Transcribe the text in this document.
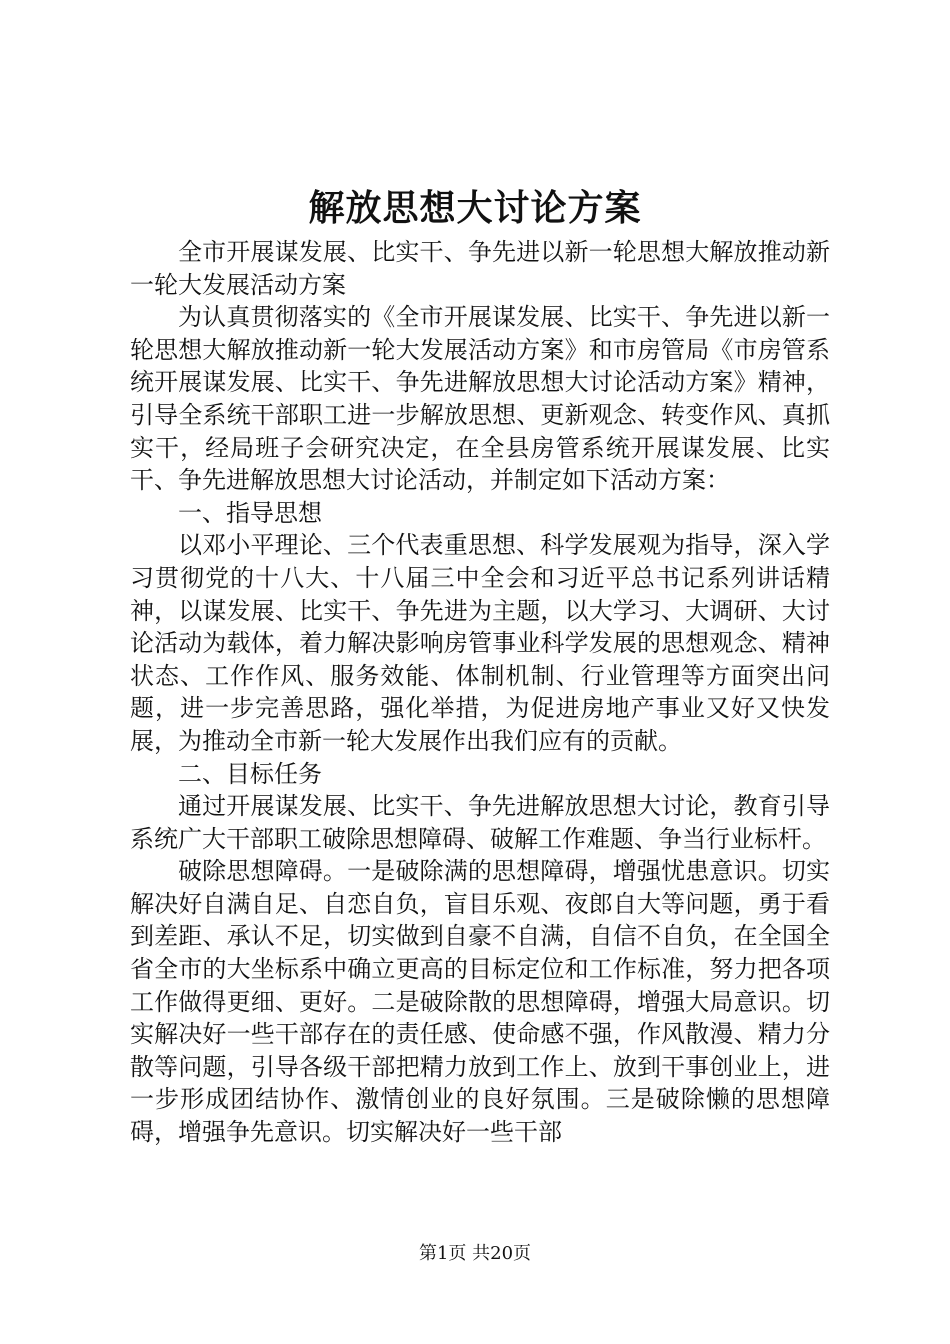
解放思想大讨论方案

全市开展谋发展、比实干、争先进以新一轮思想大解放推动新一轮大发展活动方案

为认真贯彻落实的《全市开展谋发展、比实干、争先进以新一轮思想大解放推动新一轮大发展活动方案》和市房管局《市房管系统开展谋发展、比实干、争先进解放思想大讨论活动方案》精神，引导全系统干部职工进一步解放思想、更新观念、转变作风、真抓实干，经局班子会研究决定，在全县房管系统开展谋发展、比实干、争先进解放思想大讨论活动，并制定如下活动方案：

一、指导思想

以邓小平理论、三个代表重思想、科学发展观为指导，深入学习贯彻党的十八大、十八届三中全会和习近平总书记系列讲话精神，以谋发展、比实干、争先进为主题，以大学习、大调研、大讨论活动为载体，着力解决影响房管事业科学发展的思想观念、精神状态、工作作风、服务效能、体制机制、行业管理等方面突出问题，进一步完善思路，强化举措，为促进房地产事业又好又快发展，为推动全市新一轮大发展作出我们应有的贡献。

二、目标任务

通过开展谋发展、比实干、争先进解放思想大讨论，教育引导系统广大干部职工破除思想障碍、破解工作难题、争当行业标杆。

破除思想障碍。一是破除满的思想障碍，增强忧患意识。切实解决好自满自足、自恋自负，盲目乐观、夜郎自大等问题，勇于看到差距、承认不足，切实做到自豪不自满，自信不自负，在全国全省全市的大坐标系中确立更高的目标定位和工作标准，努力把各项工作做得更细、更好。二是破除散的思想障碍，增强大局意识。切实解决好一些干部存在的责任感、使命感不强，作风散漫、精力分散等问题，引导各级干部把精力放到工作上、放到干事创业上，进一步形成团结协作、激情创业的良好氛围。三是破除懒的思想障碍，增强争先意识。切实解决好一些干部

第1页 共20页
